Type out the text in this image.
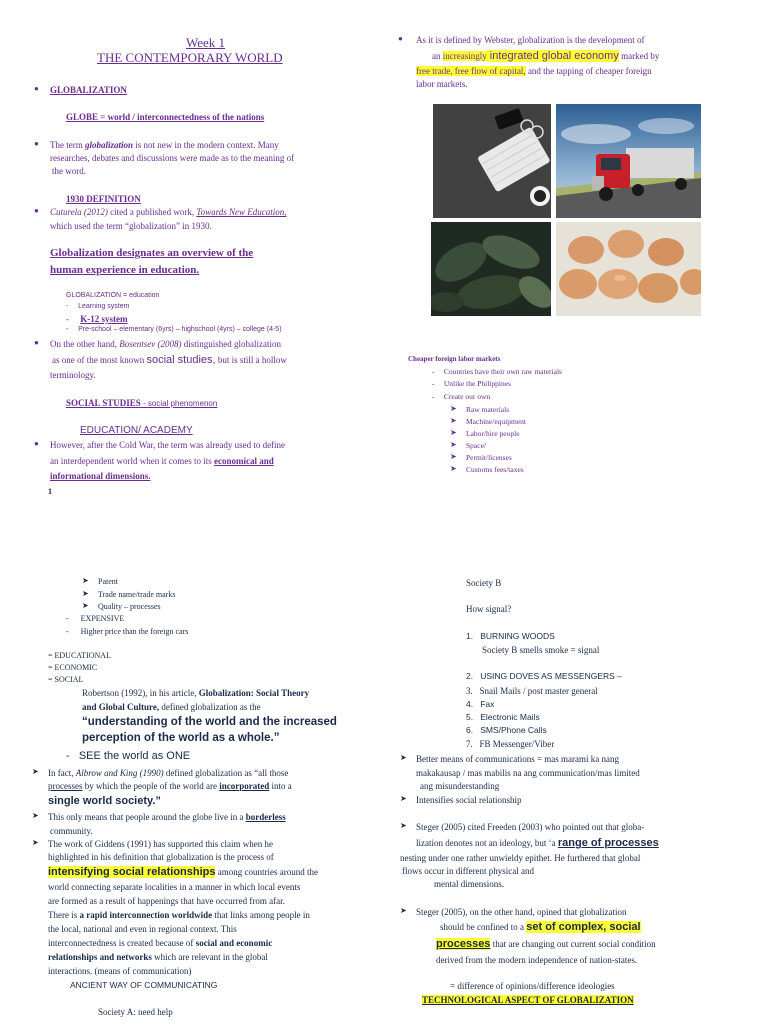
Week 1
THE CONTEMPORARY WORLD
● GLOBALIZATION
GLOBE = world / interconnectedness of the nations
● The term globalization is not new in the modern context. Many
researches, debates and discussions were made as to the meaning of
the word.
1930 DEFINITION
● Cuturela (2012) cited a published work, Towards New Education,
which used the term “globalization” in 1930.
Globalization designates an overview of the
human experience in education.
GLOBALIZATION = education
-     Learning system
-     K-12 system
-     Pre-school – elementary (6yrs) – highschool (4yrs) – college (4-5)
● On the other hand, Bosentsev (2008) distinguished globalization
as one of the most known social studies, but is still a hollow
terminology.
SOCIAL STUDIES - social phenomenon
EDUCATION/ ACADEMY
● However, after the Cold War, the term was already used to define
an interdependent world when it comes to its economical and
informational dimensions.
1
● As it is defined by Webster, globalization is the development of
an increasingly integrated global economy marked by
free trade, free flow of capital, and the tapping of cheaper foreign
labor markets.
Cheaper foreign labor markets
-     Countries have their own raw materials
-     Unlike the Philippines
-     Create our own
➤ Raw materials
➤ Machine/equipment
➤ Labor/hire people
➤ Space/
➤ Permit/licenses
➤ Customs fees/taxes
➤ Patent
➤ Trade name/trade marks
➤ Quality – processes
-      EXPENSIVE
-      Higher price than the foreign cars
= EDUCATIONAL
= ECONOMIC
= SOCIAL
Robertson (1992), in his article, Globalization: Social Theory
and Global Culture, defined globalization as the
“understanding of the world and the increased
perception of the world as a whole.”
-   SEE the world as ONE
➤ In fact, Albrow and King (1990) defined globalization as “all those
processes by which the people of the world are incorporated into a
single world society.”
➤ This only means that people around the globe live in a borderless
community.
➤ The work of Giddens (1991) has supported this claim when he
highlighted in his definition that globalization is the process of
intensifying social relationships among countries around the
world connecting separate localities in a manner in which local events
are formed as a result of happenings that have occurred from afar.
There is a rapid interconnection worldwide that links among people in
the local, national and even in regional context. This
interconnectedness is created because of social and economic
relationships and networks which are relevant in the global
interactions. (means of communication)
ANCIENT WAY OF COMMUNICATING
Society A: need help
Society B
How signal?
1.   BURNING WOODS
Society B smells smoke = signal
2.   USING DOVES AS MESSENGERS –
3.   Snail Mails / post master general
4.   Fax
5.   Electronic Mails
6.   SMS/Phone Calls
7.   FB Messenger/Viber
➤ Better means of communications = mas marami ka nang
makakausap / mas mabilis na ang communication/mas limited
ang misunderstanding
➤ Intensifies social relationship
➤ Steger (2005) cited Freeden (2003) who pointed out that globa-
lization denotes not an ideology, but ‘a range of processes
nesting under one rather unwieldy epithet. He furthered that global
flows occur in different physical and
mental dimensions.
➤ Steger (2005), on the other hand, opined that globalization
should be confined to a set of complex, social
processes that are changing out current social condition
derived from the modern independence of nation-states.
= difference of opinions/difference ideologies
TECHNOLOGICAL ASPECT OF GLOBALIZATION
